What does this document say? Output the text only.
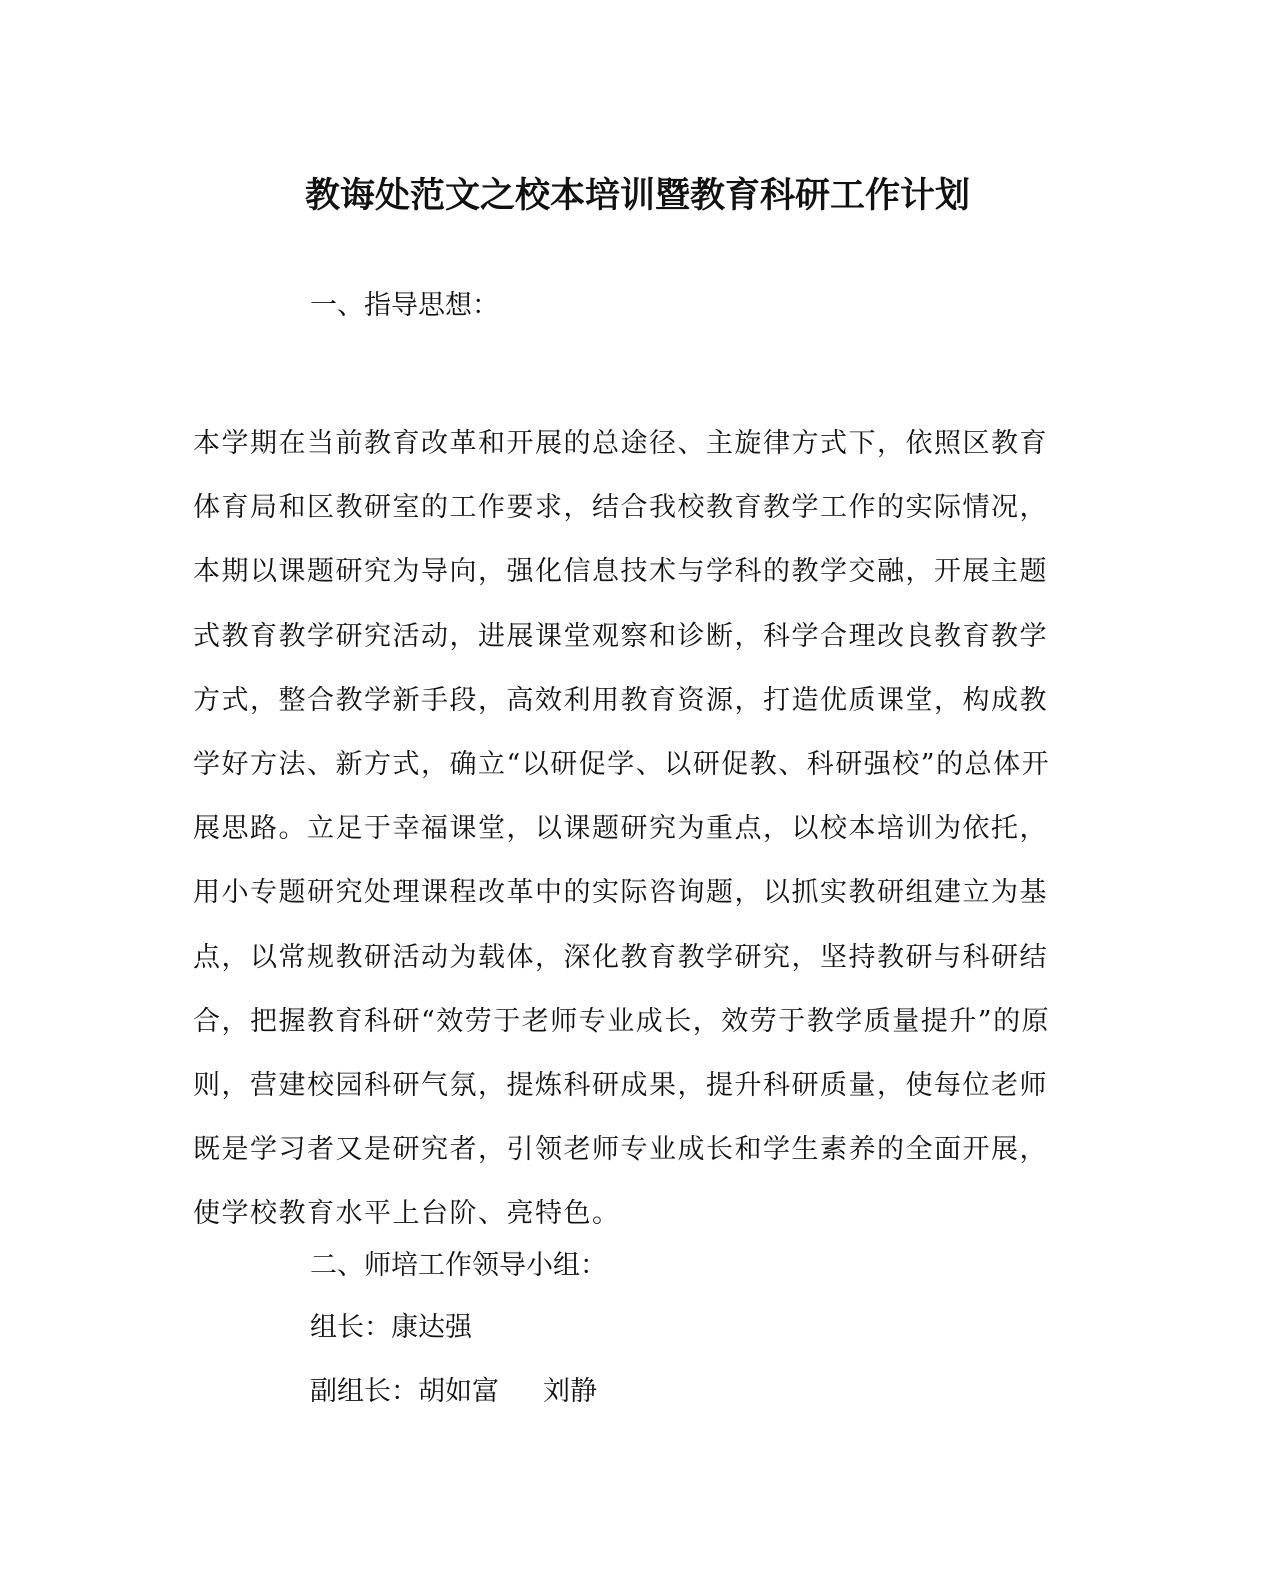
教诲处范文之校本培训暨教育科研工作计划

一、指导思想：

本学期在当前教育改革和开展的总途径、主旋律方式下，依照区教育
体育局和区教研室的工作要求，结合我校教育教学工作的实际情况，
本期以课题研究为导向，强化信息技术与学科的教学交融，开展主题
式教育教学研究活动，进展课堂观察和诊断，科学合理改良教育教学
方式，整合教学新手段，高效利用教育资源，打造优质课堂，构成教
学好方法、新方式，确立“以研促学、以研促教、科研强校”的总体开
展思路。立足于幸福课堂，以课题研究为重点，以校本培训为依托，
用小专题研究处理课程改革中的实际咨询题，以抓实教研组建立为基
点，以常规教研活动为载体，深化教育教学研究，坚持教研与科研结
合，把握教育科研“效劳于老师专业成长，效劳于教学质量提升”的原
则，营建校园科研气氛，提炼科研成果，提升科研质量，使每位老师
既是学习者又是研究者，引领老师专业成长和学生素养的全面开展，
使学校教育水平上台阶、亮特色。

二、师培工作领导小组：

组长：康达强

副组长：胡如富 刘静
